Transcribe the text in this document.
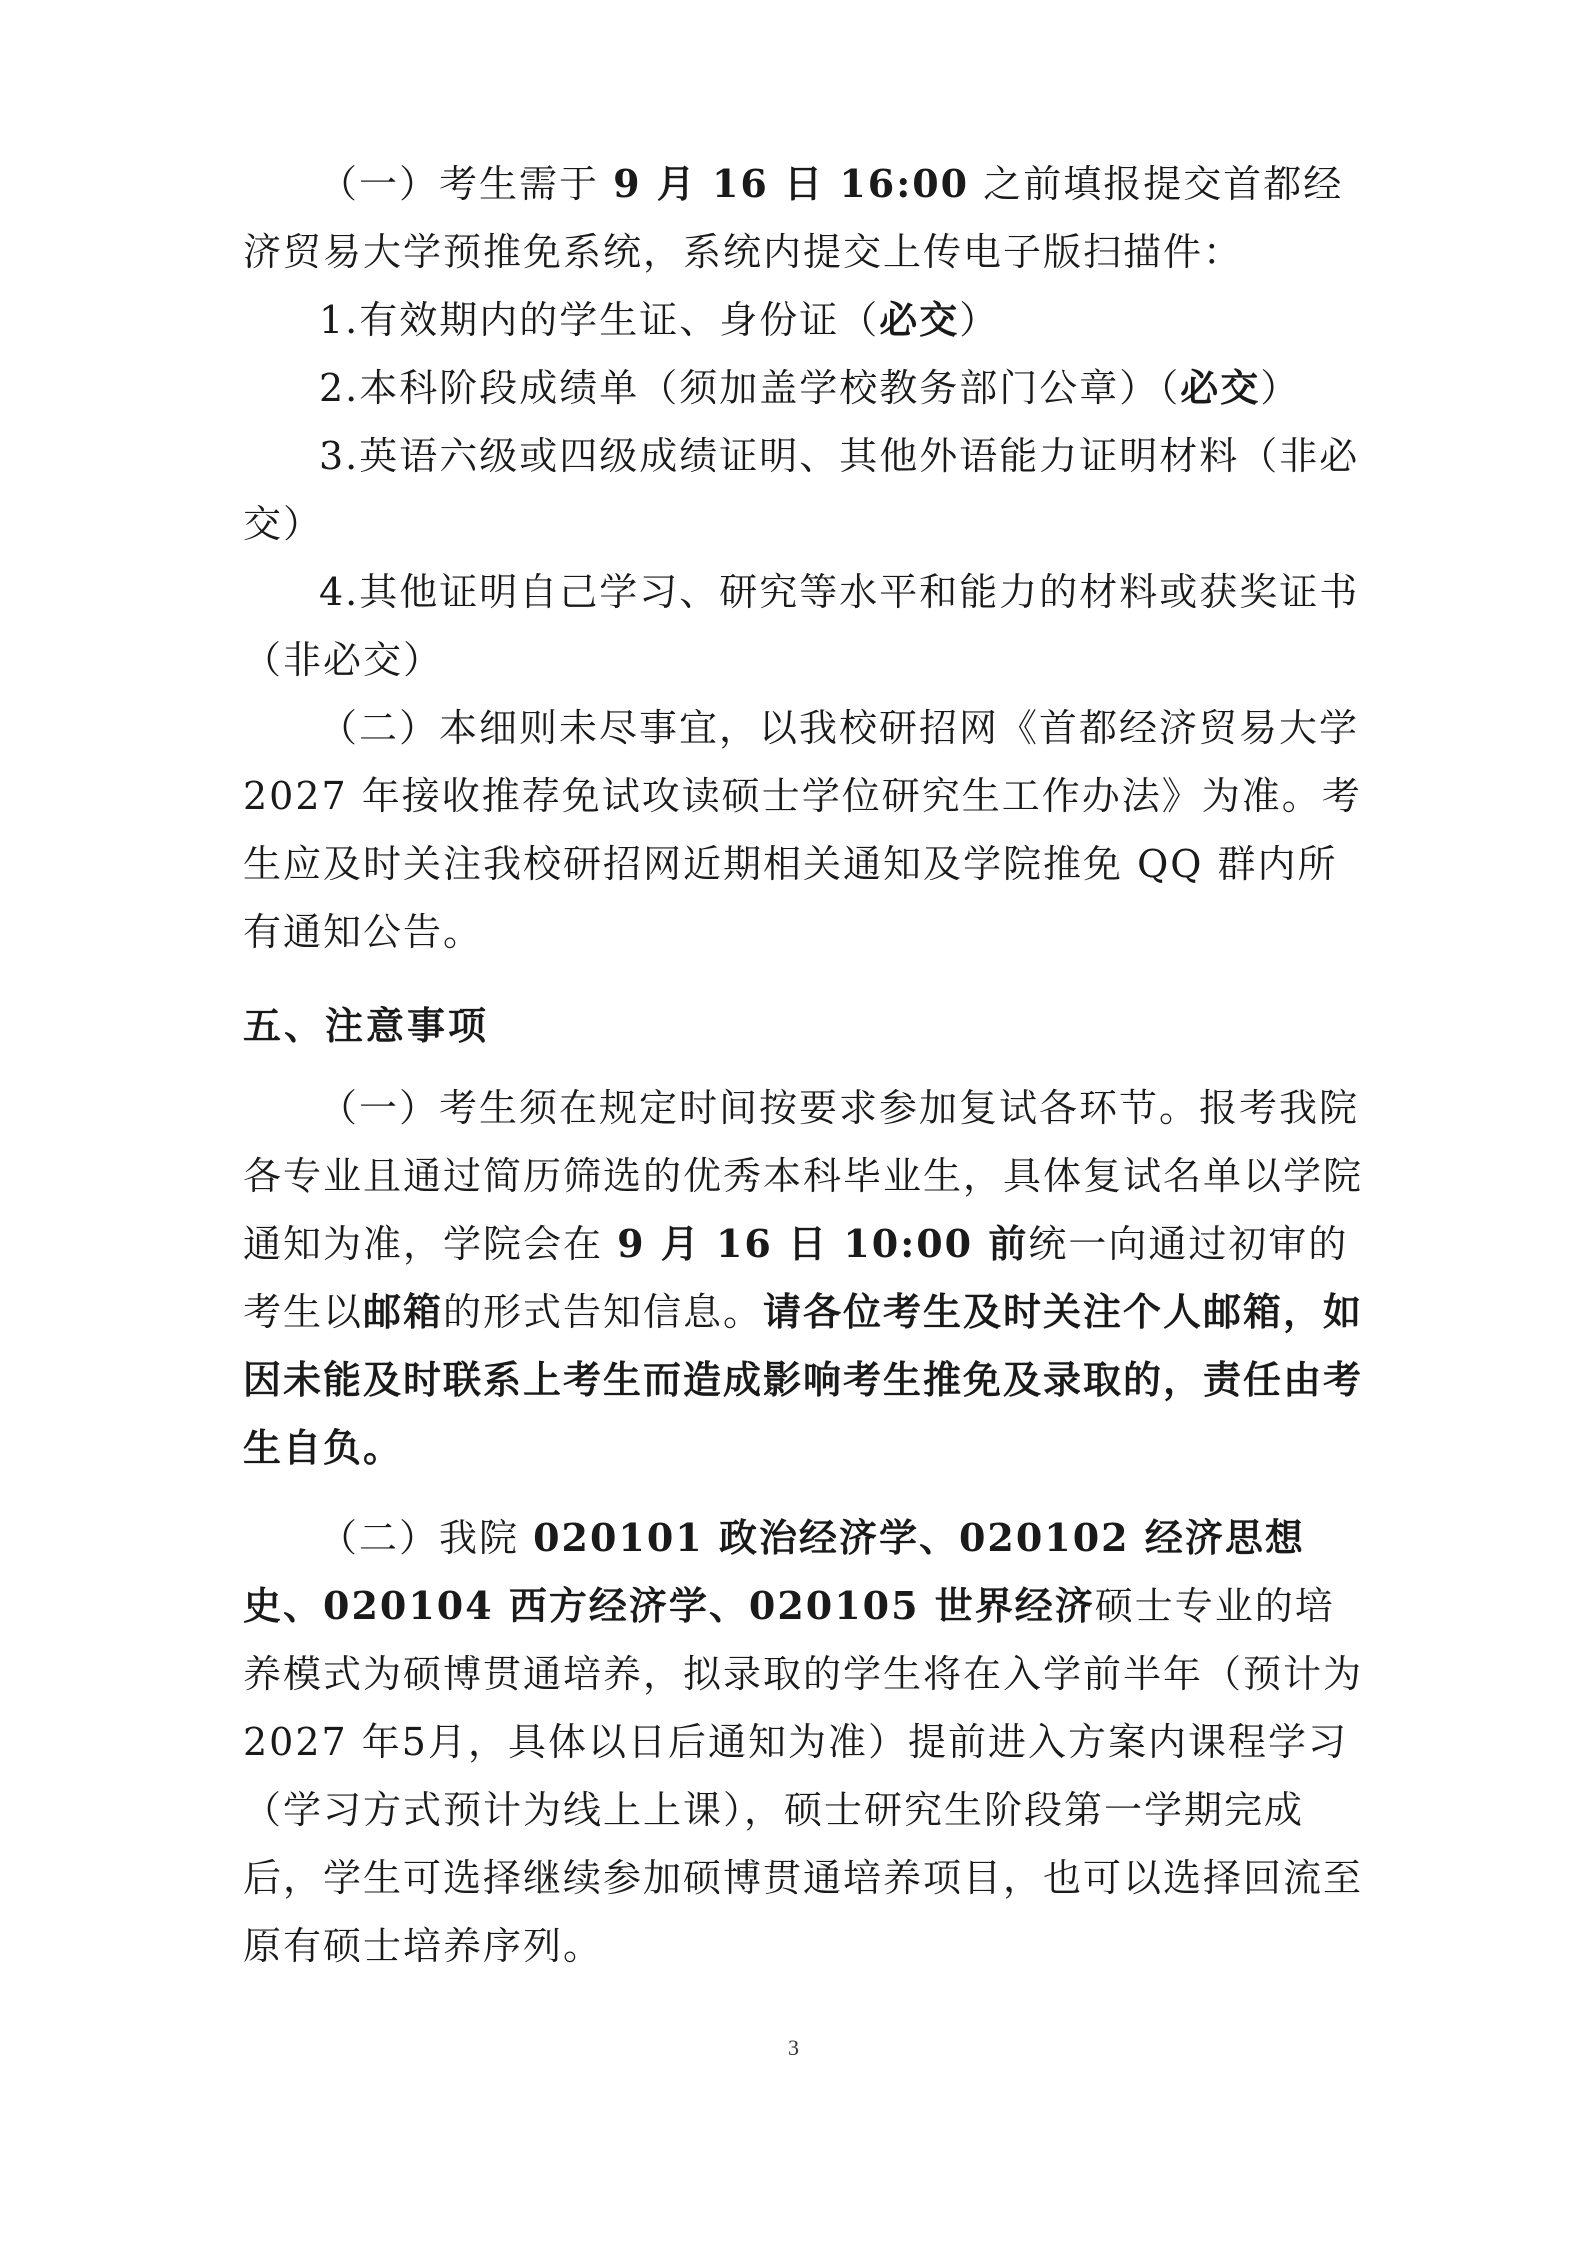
（一）考生需于 9 月 16 日 16:00 之前填报提交首都经济贸易大学预推免系统，系统内提交上传电子版扫描件：

1.有效期内的学生证、身份证（必交）

2.本科阶段成绩单（须加盖学校教务部门公章）（必交）

3.英语六级或四级成绩证明、其他外语能力证明材料（非必交）

4.其他证明自己学习、研究等水平和能力的材料或获奖证书（非必交）

（二）本细则未尽事宜，以我校研招网《首都经济贸易大学 2027 年接收推荐免试攻读硕士学位研究生工作办法》为准。考生应及时关注我校研招网近期相关通知及学院推免 QQ 群内所有通知公告。

五、注意事项

（一）考生须在规定时间按要求参加复试各环节。报考我院各专业且通过简历筛选的优秀本科毕业生，具体复试名单以学院通知为准，学院会在 9 月 16 日 10:00 前统一向通过初审的考生以邮箱的形式告知信息。请各位考生及时关注个人邮箱，如因未能及时联系上考生而造成影响考生推免及录取的，责任由考生自负。

（二）我院 020101 政治经济学、020102 经济思想史、020104 西方经济学、020105 世界经济硕士专业的培养模式为硕博贯通培养，拟录取的学生将在入学前半年（预计为 2027 年5月，具体以日后通知为准）提前进入方案内课程学习（学习方式预计为线上上课），硕士研究生阶段第一学期完成后，学生可选择继续参加硕博贯通培养项目，也可以选择回流至原有硕士培养序列。

3
